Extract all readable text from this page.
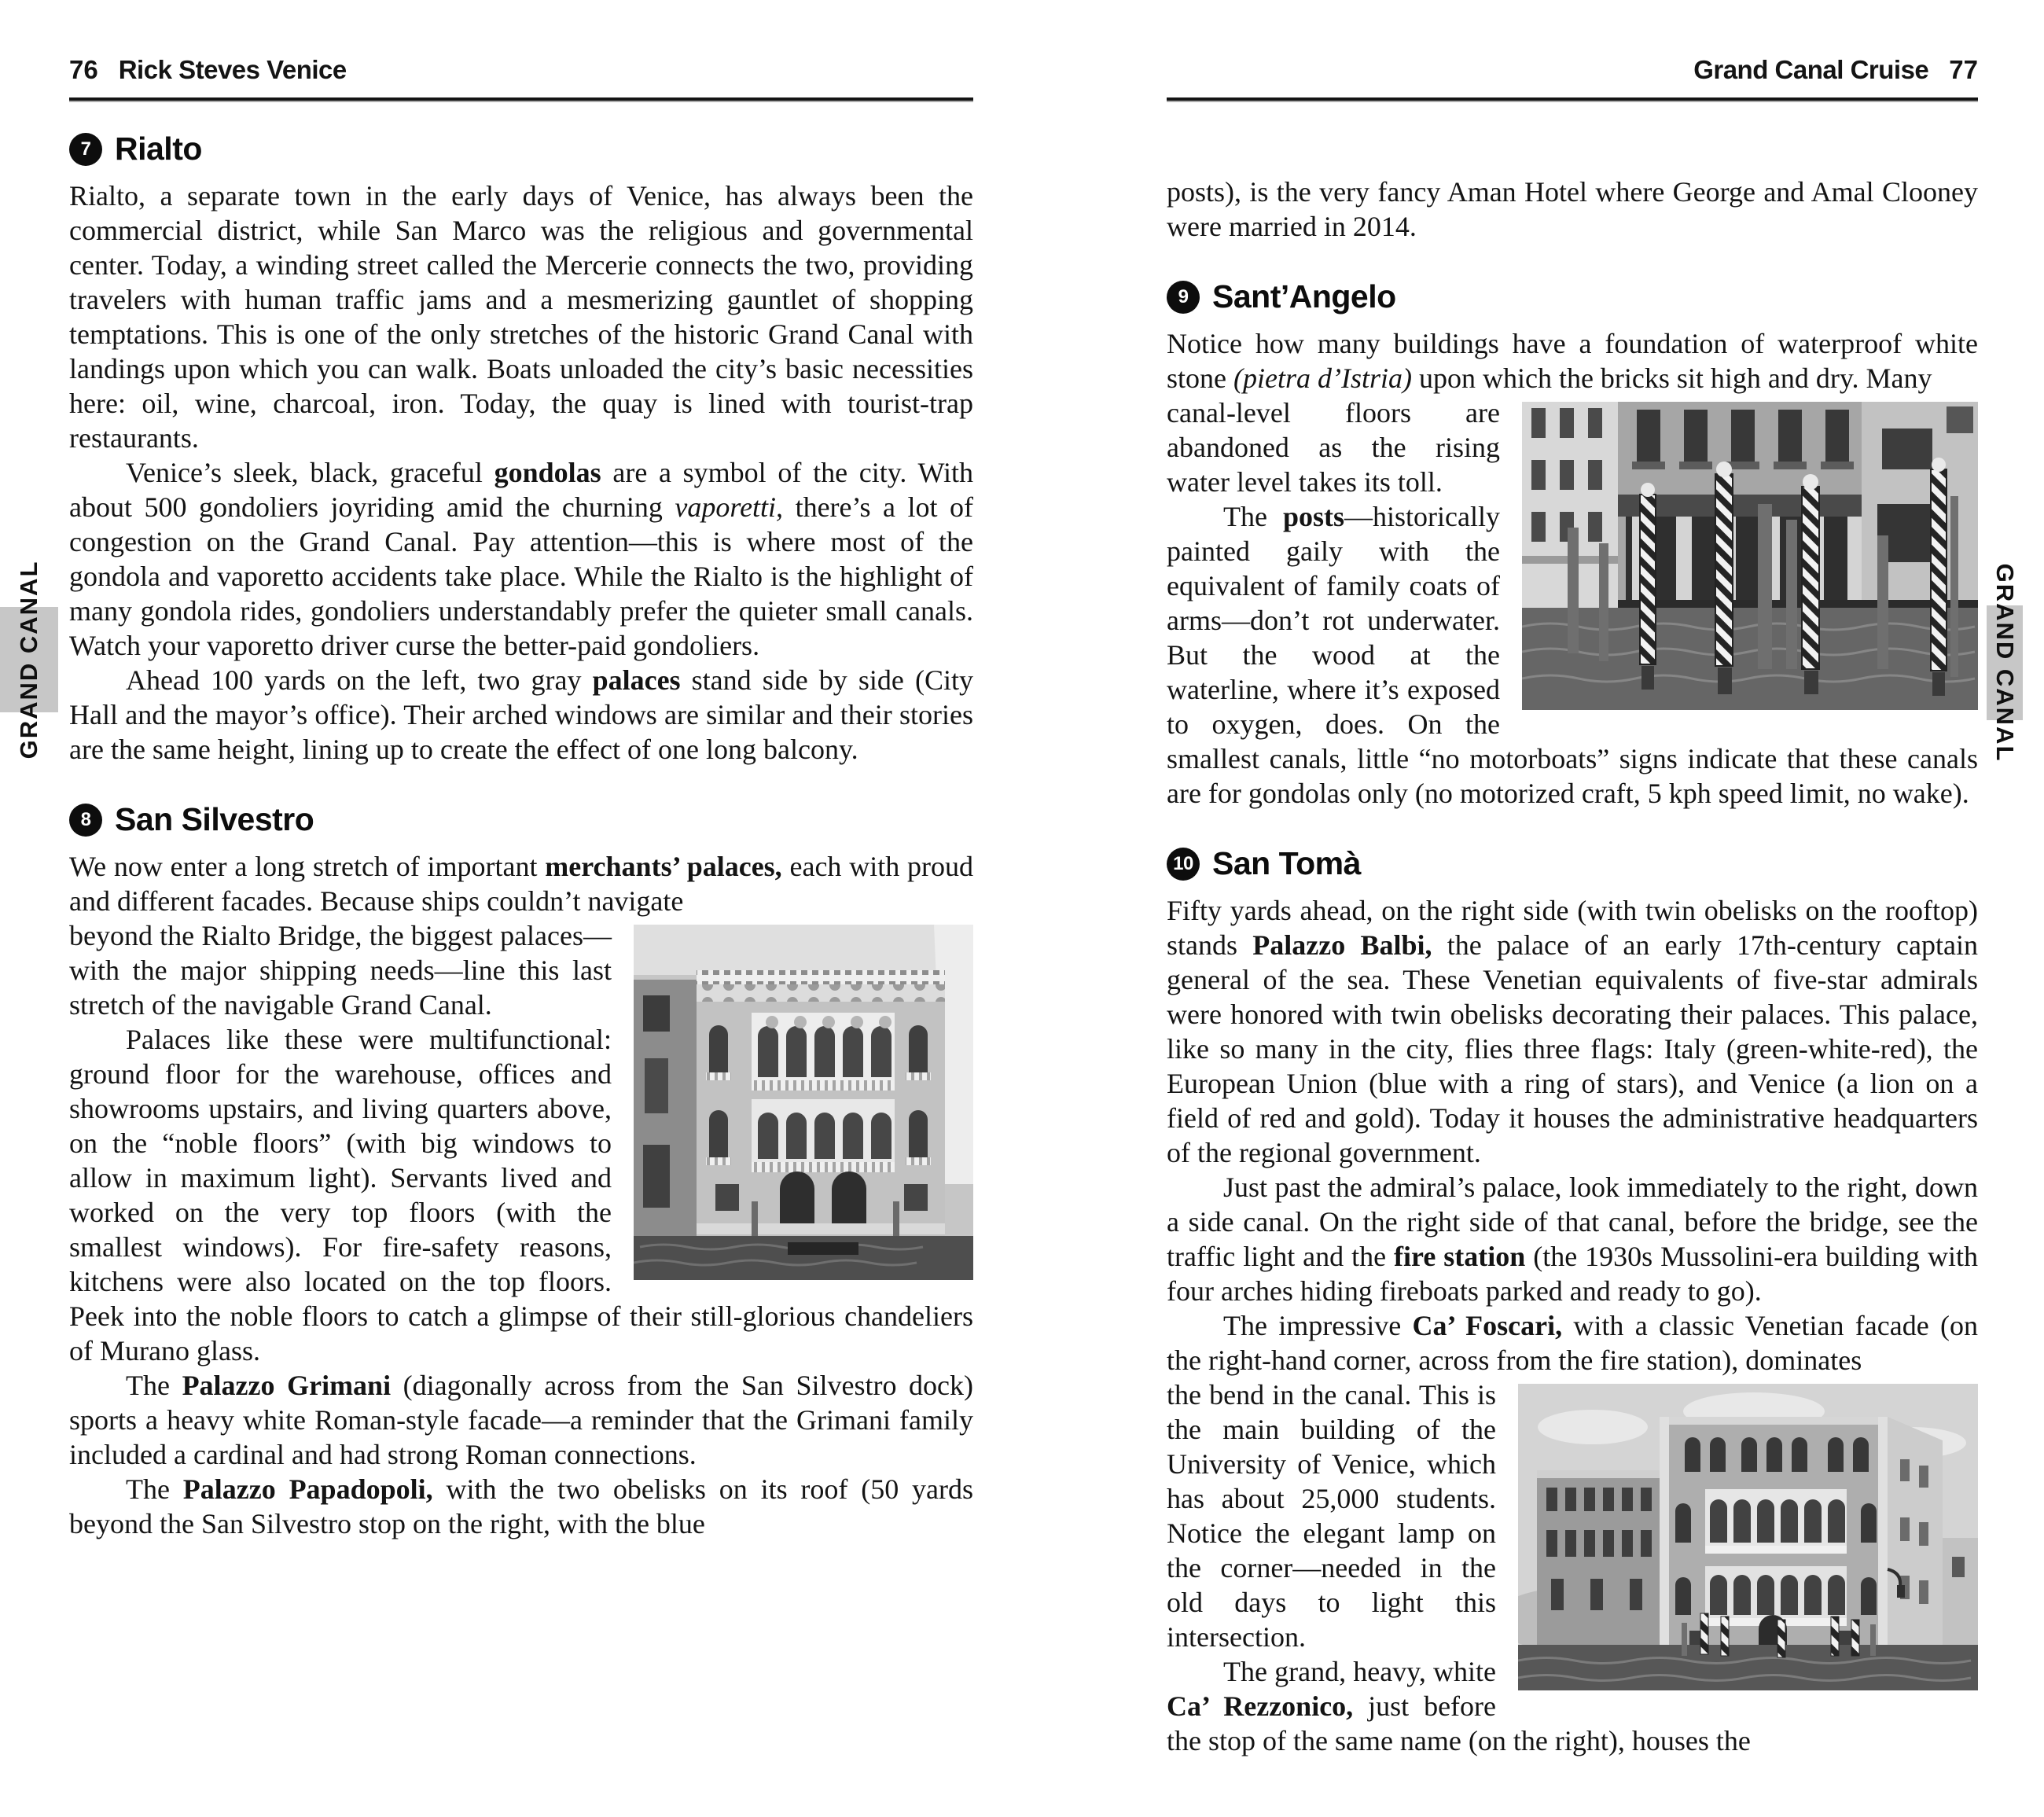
GRAND CANAL	GRAND CANAL
76 Rick Steves Venice
7 Rialto

Rialto, a separate town in the early days of Venice, has always been the commercial district, while San Marco was the religious and governmental center. Today, a winding street called the Mercerie connects the two, providing travelers with human traffic jams and a mesmerizing gauntlet of shopping temptations. This is one of the only stretches of the historic Grand Canal with landings upon which you can walk. Boats unloaded the city’s basic necessities here: oil, wine, charcoal, iron. Today, the quay is lined with tourist-trap restaurants.

Venice’s sleek, black, graceful gondolas are a symbol of the city. With about 500 gondoliers joyriding amid the churning vaporetti, there’s a lot of congestion on the Grand Canal. Pay attention—this is where most of the gondola and vaporetto accidents take place. While the Rialto is the highlight of many gondola rides, gondoliers understandably prefer the quieter small canals. Watch your vaporetto driver curse the better-paid gondoliers.

Ahead 100 yards on the left, two gray palaces stand side by side (City Hall and the mayor’s office). Their arched windows are similar and their stories are the same height, lining up to create the effect of one long balcony.

8 San Silvestro

We now enter a long stretch of important merchants’ palaces, each with proud and different facades. Because ships couldn’t navigate

beyond the Rialto Bridge, the biggest palaces—with the major shipping needs—line this last stretch of the navigable Grand Canal.

Palaces like these were multifunctional: ground floor for the warehouse, offices and showrooms upstairs, and living quarters above, on the “noble floors” (with big windows to allow in maximum light). Servants lived and worked on the very top floors (with the smallest windows). For fire-safety reasons, kitchens were also located on the top floors. Peek into the noble floors to catch a glimpse of their still-glorious chandeliers of Murano glass.

The Palazzo Grimani (diagonally across from the San Silvestro dock) sports a heavy white Roman-style facade—a reminder that the Grimani family included a cardinal and had strong Roman connections.

The Palazzo Papadopoli, with the two obelisks on its roof (50 yards beyond the San Silvestro stop on the right, with the blue

Grand Canal Cruise 77

posts), is the very fancy Aman Hotel where George and Amal Clooney were married in 2014.

9 Sant’Angelo

Notice how many buildings have a foundation of waterproof white stone (pietra d’Istria) upon which the bricks sit high and dry. Many

canal-level floors are abandoned as the rising water level takes its toll.

The posts—historically painted gaily with the equivalent of family coats of arms—don’t rot underwater. But the wood at the waterline, where it’s exposed to oxygen, does. On the smallest canals, little “no motorboats” signs indicate that these canals are for gondolas only (no motorized craft, 5 kph speed limit, no wake).

10 San Tomà

Fifty yards ahead, on the right side (with twin obelisks on the rooftop) stands Palazzo Balbi, the palace of an early 17th-century captain general of the sea. These Venetian equivalents of five-star admirals were honored with twin obelisks decorating their palaces. This palace, like so many in the city, flies three flags: Italy (green-white-red), the European Union (blue with a ring of stars), and Venice (a lion on a field of red and gold). Today it houses the administrative headquarters of the regional government.

Just past the admiral’s palace, look immediately to the right, down a side canal. On the right side of that canal, before the bridge, see the traffic light and the fire station (the 1930s Mussolini-era building with four arches hiding fireboats parked and ready to go).

The impressive Ca’ Foscari, with a classic Venetian facade (on the right-hand corner, across from the fire station), dominates

the bend in the canal. This is the main building of the University of Venice, which has about 25,000 students. Notice the elegant lamp on the corner—needed in the old days to light this intersection.

The grand, heavy, white Ca’ Rezzonico, just before the stop of the same name (on the right), houses the
